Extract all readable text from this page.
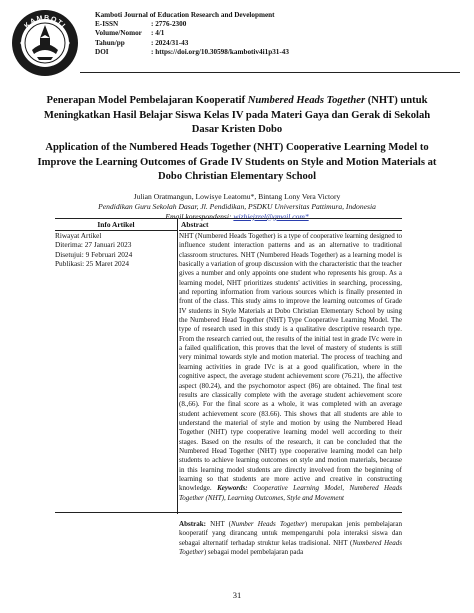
KAMBOTI
Kamboti Journal of Education Research and Development
E-ISSN	: 2776-2300
Volume/Nomor	: 4/1
Tahun/pp	: 2024/31-43
DOI	: https://doi.org/10.30598/kambotiv4i1p31-43
Penerapan Model Pembelajaran Kooperatif Numbered Heads Together (NHT) untuk Meningkatkan Hasil Belajar Siswa Kelas IV pada Materi Gaya dan Gerak di Sekolah Dasar Kristen Dobo
Application of the Numbered Heads Together (NHT) Cooperative Learning Model to Improve the Learning Outcomes of Grade IV Students on Style and Motion Materials at Dobo Christian Elementary School
Julian Oratmangun, Lowisye Leatomu*, Bintang Lony Vera Victory
Pendidikan Guru Sekolah Dasar, Jl. Pendidikan, PSDKU Universitas Pattimura, Indonesia
Email korespondensi: wizhiejzrel@gmail.com*
Info Artikel
Riwayat Artikel
Diterima: 27 Januari 2023
Disetujui: 9 Februari 2024
Publikasi: 25 Maret 2024
Abstract
NHT (Numbered Heads Together) is a type of cooperative learning designed to influence student interaction patterns and as an alternative to traditional classroom structures. NHT (Numbered Heads Together) as a learning model is basically a variation of group discussion with the characteristic that the teacher gives a number and only appoints one student who represents his group. As a learning model, NHT prioritizes students' activities in searching, processing, and reporting information from various sources which is finally presented in front of the class. This study aims to improve the learning outcomes of Grade IV students in Style Materials at Dobo Christian Elementary School by using the Numbered Head Together (NHT) Type Cooperative Learning Model. The type of research used in this study is a qualitative descriptive research type. From the research carried out, the results of the initial test in grade IVc were in a failed qualification, this proves that the level of mastery of students is still very minimal towards style and motion material. The process of teaching and learning activities in grade IVc is at a good qualification, where in the cognitive aspect, the average student achievement score (76.21), the affective aspect (80.24), and the psychomotor aspect (86) are obtained. The final test results are classically complete with the average student achievement score (8.,66). For the final score as a whole, it was completed with an average student achievement score (83.66). This shows that all students are able to understand the material of style and motion by using the Numbered Head Together (NHT) type cooperative learning model well according to their stages. Based on the results of the research, it can be concluded that the Numbered Head Together (NHT) type cooperative learning model can help students to achieve learning outcomes on style and motion materials, because in this learning model students are directly involved from the beginning of learning so that students are more active and creative in constructing knowledge. Keywords: Cooperative Learning Model, Numbered Heads Together (NHT), Learning Outcomes, Style and Movement
Abstrak: NHT (Number Heads Together) merupakan jenis pembelajaran kooperatif yang dirancang untuk mempengaruhi pola interaksi siswa dan sebagai alternatif terhadap struktur kelas tradisional. NHT (Numbered Heads Together) sebagai model pembelajaran pada
31
